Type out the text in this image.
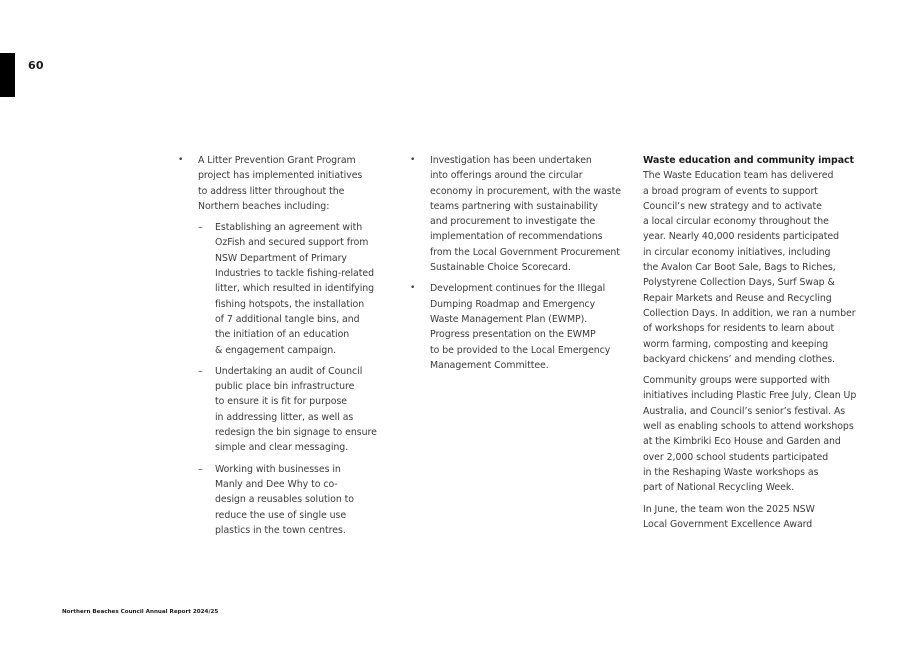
60
• A Litter Prevention Grant Program
project has implemented initiatives
to address litter throughout the
Northern beaches including:
– Establishing an agreement with
OzFish and secured support from
NSW Department of Primary
Industries to tackle fishing-related
litter, which resulted in identifying
fishing hotspots, the installation
of 7 additional tangle bins, and
the initiation of an education
& engagement campaign.
– Undertaking an audit of Council
public place bin infrastructure
to ensure it is fit for purpose
in addressing litter, as well as
redesign the bin signage to ensure
simple and clear messaging.
– Working with businesses in
Manly and Dee Why to co-
design a reusables solution to
reduce the use of single use
plastics in the town centres.
• Investigation has been undertaken
into offerings around the circular
economy in procurement, with the waste
teams partnering with sustainability
and procurement to investigate the
implementation of recommendations
from the Local Government Procurement
Sustainable Choice Scorecard.
• Development continues for the Illegal
Dumping Roadmap and Emergency
Waste Management Plan (EWMP).
Progress presentation on the EWMP
to be provided to the Local Emergency
Management Committee.
Waste education and community impact
The Waste Education team has delivered
a broad program of events to support
Council’s new strategy and to activate
a local circular economy throughout the
year. Nearly 40,000 residents participated
in circular economy initiatives, including
the Avalon Car Boot Sale, Bags to Riches,
Polystyrene Collection Days, Surf Swap &
Repair Markets and Reuse and Recycling
Collection Days. In addition, we ran a number
of workshops for residents to learn about
worm farming, composting and keeping
backyard chickens’ and mending clothes.
Community groups were supported with
initiatives including Plastic Free July, Clean Up
Australia, and Council’s senior’s festival. As
well as enabling schools to attend workshops
at the Kimbriki Eco House and Garden and
over 2,000 school students participated
in the Reshaping Waste workshops as
part of National Recycling Week.
In June, the team won the 2025 NSW
Local Government Excellence Award
Northern Beaches Council Annual Report 2024/25
